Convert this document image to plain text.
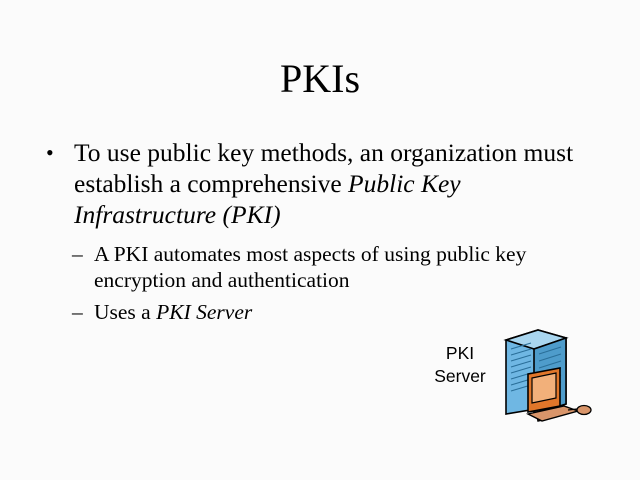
PKIs
• To use public key methods, an organization must establish a comprehensive Public Key Infrastructure (PKI)
– A PKI automates most aspects of using public key encryption and authentication
– Uses a PKI Server
PKI
Server
